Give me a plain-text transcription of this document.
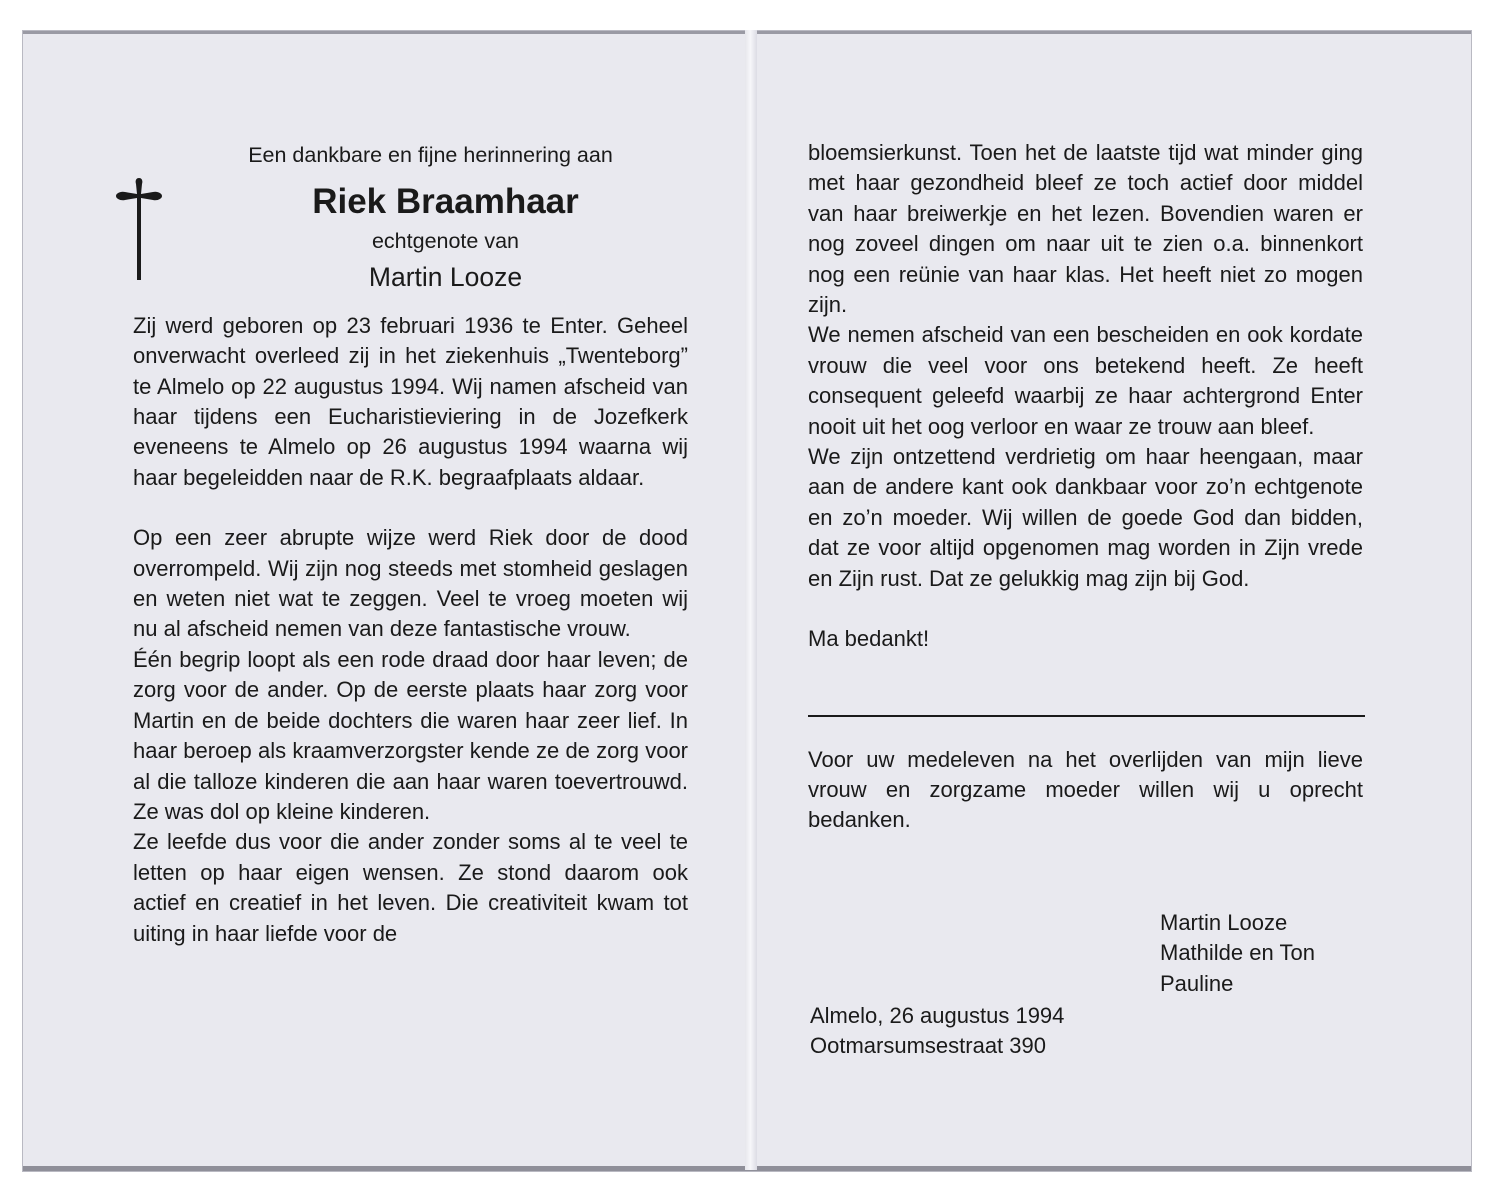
Een dankbare en fijne herinnering aan
Riek Braamhaar
echtgenote van
Martin Looze

Zij werd geboren op 23 februari 1936 te Enter. Geheel onverwacht overleed zij in het ziekenhuis „Twenteborg” te Almelo op 22 augustus 1994. Wij namen afscheid van haar tijdens een Eucharistieviering in de Jozefkerk eveneens te Almelo op 26 augustus 1994 waarna wij haar begeleidden naar de R.K. begraafplaats aldaar.

Op een zeer abrupte wijze werd Riek door de dood overrompeld. Wij zijn nog steeds met stomheid geslagen en weten niet wat te zeggen. Veel te vroeg moeten wij nu al afscheid nemen van deze fantastische vrouw.

Één begrip loopt als een rode draad door haar leven; de zorg voor de ander. Op de eerste plaats haar zorg voor Martin en de beide dochters die waren haar zeer lief. In haar beroep als kraamverzorgster kende ze de zorg voor al die talloze kinderen die aan haar waren toevertrouwd. Ze was dol op kleine kinderen.

Ze leefde dus voor die ander zonder soms al te veel te letten op haar eigen wensen. Ze stond daarom ook actief en creatief in het leven. Die creativiteit kwam tot uiting in haar liefde voor de

bloemsierkunst. Toen het de laatste tijd wat minder ging met haar gezondheid bleef ze toch actief door middel van haar breiwerkje en het lezen. Bovendien waren er nog zoveel dingen om naar uit te zien o.a. binnenkort nog een reünie van haar klas. Het heeft niet zo mogen zijn.

We nemen afscheid van een bescheiden en ook kordate vrouw die veel voor ons betekend heeft. Ze heeft consequent geleefd waarbij ze haar achtergrond Enter nooit uit het oog verloor en waar ze trouw aan bleef.

We zijn ontzettend verdrietig om haar heengaan, maar aan de andere kant ook dankbaar voor zo’n echtgenote en zo’n moeder. Wij willen de goede God dan bidden, dat ze voor altijd opgenomen mag worden in Zijn vrede en Zijn rust. Dat ze gelukkig mag zijn bij God.

Ma bedankt!

Voor uw medeleven na het overlijden van mijn lieve vrouw en zorgzame moeder willen wij u oprecht bedanken.

Martin Looze
Mathilde en Ton
Pauline
Almelo, 26 augustus 1994
Ootmarsumsestraat 390
